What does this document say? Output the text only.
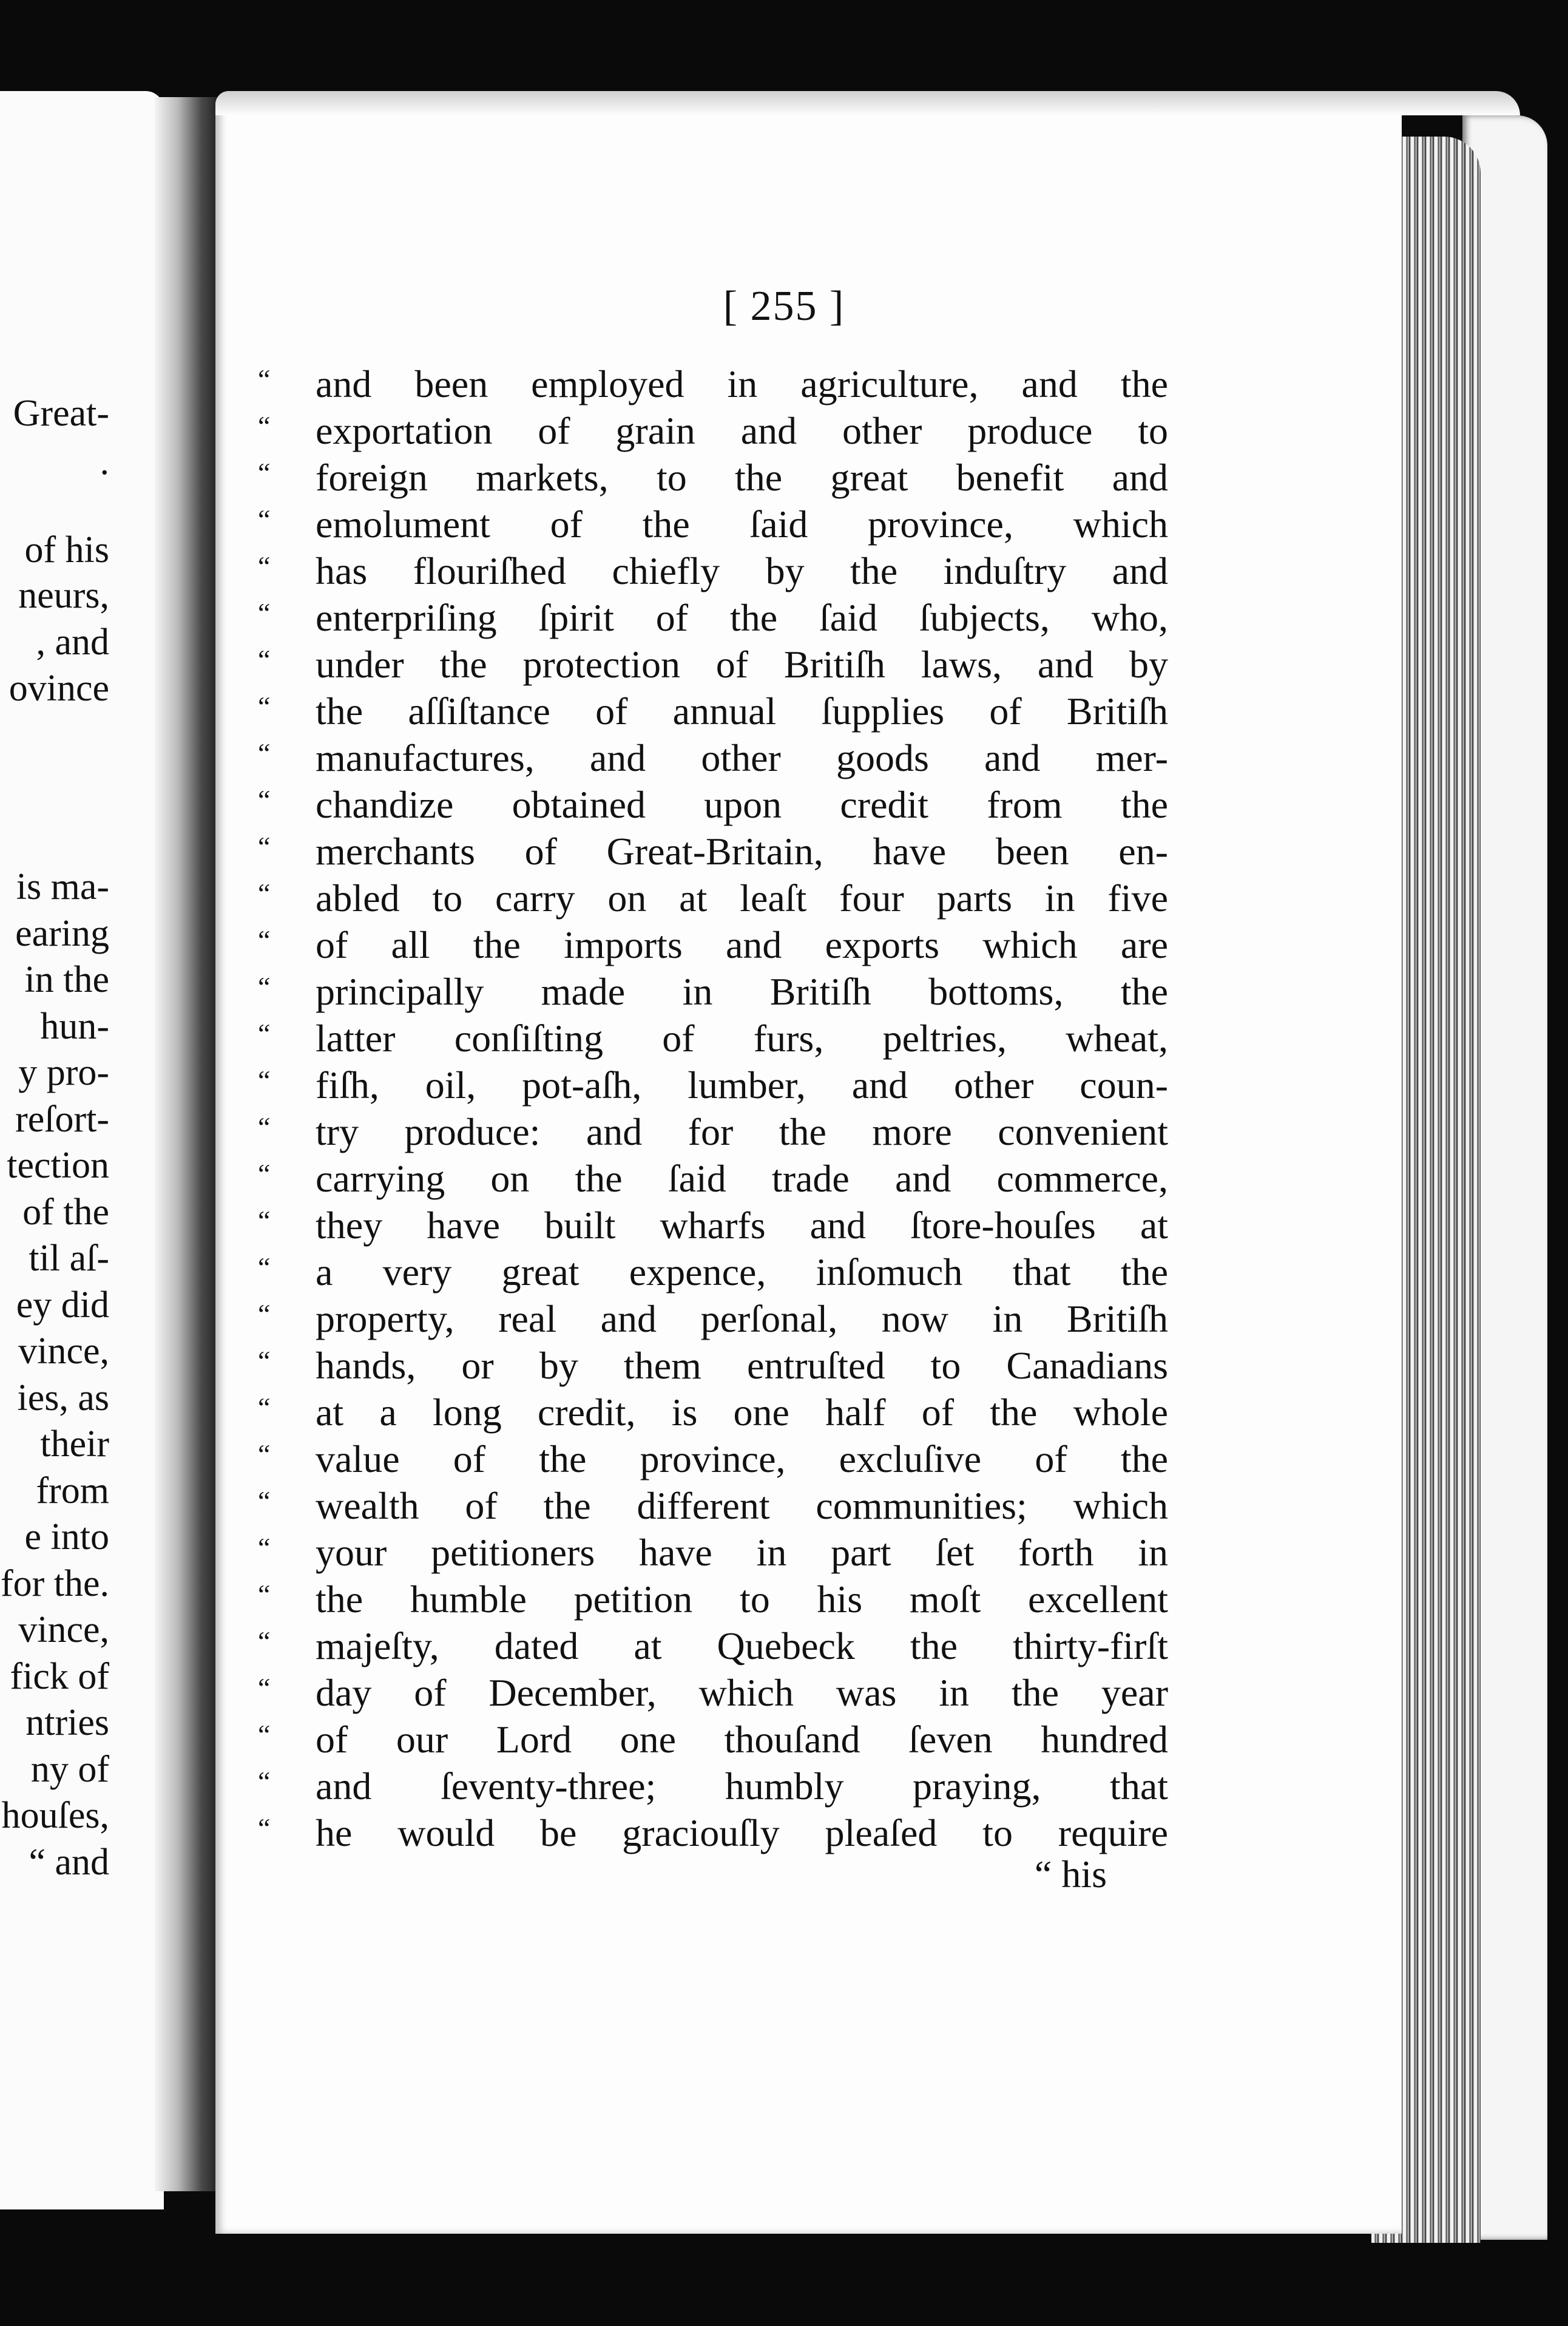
Great-
.
of his
neurs,
, and
ovince
is ma-
earing
in the
hun-
y pro-
reſort-
tection
of the
til aſ-
ey did
vince,
ies, as
their
from
e into
for the.
vince,
fick of
ntries
ny of
houſes,
“ and
[ 255 ]
“	and been employed in agriculture, and the
“	exportation of grain and other produce to
“	foreign markets, to the great benefit and
“	emolument of the ſaid province, which
“	has flouriſhed chiefly by the induſtry and
“	enterpriſing ſpirit of the ſaid ſubjects, who,
“	under the protection of Britiſh laws, and by
“	the aſſiſtance of annual ſupplies of Britiſh
“	manufactures, and other goods and mer-
“	chandize obtained upon credit from the
“	merchants of Great-Britain, have been en-
“	abled to carry on at leaſt four parts in five
“	of all the imports and exports which are
“	principally made in Britiſh bottoms, the
“	latter conſiſting of furs, peltries, wheat,
“	fiſh, oil, pot-aſh, lumber, and other coun-
“	try produce: and for the more convenient
“	carrying on the ſaid trade and commerce,
“	they have built wharfs and ſtore-houſes at
“	a very great expence, inſomuch that the
“	property, real and perſonal, now in Britiſh
“	hands, or by them entruſted to Canadians
“	at a long credit, is one half of the whole
“	value of the province, excluſive of the
“	wealth of the different communities; which
“	your petitioners have in part ſet forth in
“	the humble petition to his moſt excellent
“	majeſty, dated at Quebeck the thirty-firſt
“	day of December, which was in the year
“	of our Lord one thouſand ſeven hundred
“	and ſeventy-three; humbly praying, that
“	he would be graciouſly pleaſed to require
“ his
